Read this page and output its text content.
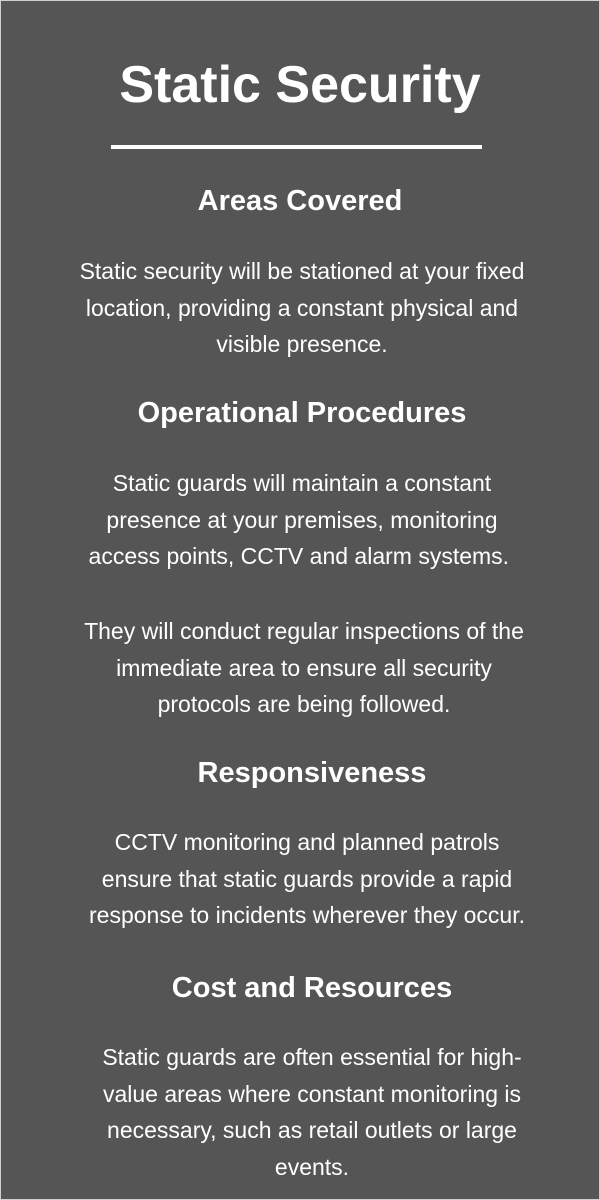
Static Security
Areas Covered
Static security will be stationed at your fixed
location, providing a constant physical and
visible presence.
Operational Procedures
Static guards will maintain a constant
presence at your premises, monitoring
access points, CCTV and alarm systems.
They will conduct regular inspections of the
immediate area to ensure all security
protocols are being followed.
Responsiveness
CCTV monitoring and planned patrols
ensure that static guards provide a rapid
response to incidents wherever they occur.
Cost and Resources
Static guards are often essential for high-
value areas where constant monitoring is
necessary, such as retail outlets or large
events.
